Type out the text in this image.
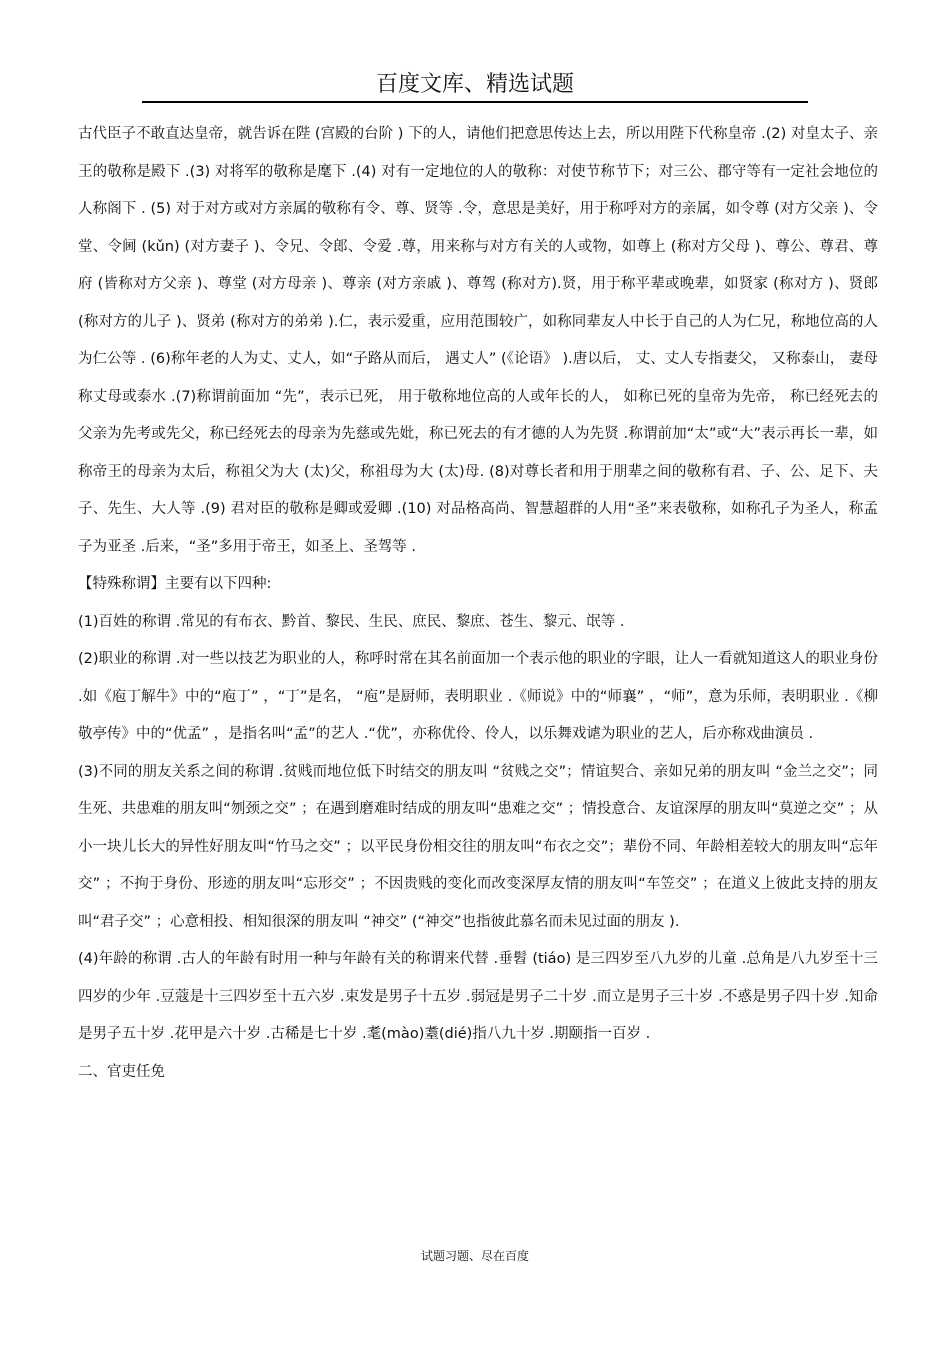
百度文库、精选试题

古代臣子不敢直达皇帝，就告诉在陛 (宫殿的台阶 ) 下的人，请他们把意思传达上去，所以用陛下代称皇帝 .(2) 对皇太子、亲王的敬称是殿下 .(3) 对将军的敬称是麾下 .(4) 对有一定地位的人的敬称：对使节称节下；对三公、郡守等有一定社会地位的人称阁下 . (5) 对于对方或对方亲属的敬称有令、尊、贤等 .令，意思是美好，用于称呼对方的亲属，如令尊 (对方父亲 )、令堂、令阃 (kǔn) (对方妻子 )、令兄、令郎、令爱 .尊，用来称与对方有关的人或物，如尊上 (称对方父母 )、尊公、尊君、尊府 (皆称对方父亲 )、尊堂 (对方母亲 )、尊亲 (对方亲戚 )、尊驾 (称对方).贤，用于称平辈或晚辈，如贤家 (称对方 )、贤郎 (称对方的儿子 )、贤弟 (称对方的弟弟 ).仁，表示爱重，应用范围较广，如称同辈友人中长于自己的人为仁兄，称地位高的人为仁公等 . (6)称年老的人为丈、丈人，如“子路从而后， 遇丈人” (《论语》 ).唐以后， 丈、丈人专指妻父， 又称泰山， 妻母称丈母或泰水 .(7)称谓前面加 “先”，表示已死， 用于敬称地位高的人或年长的人， 如称已死的皇帝为先帝， 称已经死去的父亲为先考或先父，称已经死去的母亲为先慈或先妣，称已死去的有才德的人为先贤 .称谓前加“太”或“大”表示再长一辈，如称帝王的母亲为太后，称祖父为大 (太)父，称祖母为大 (太)母. (8)对尊长者和用于朋辈之间的敬称有君、子、公、足下、夫子、先生、大人等 .(9) 君对臣的敬称是卿或爱卿 .(10) 对品格高尚、智慧超群的人用“圣”来表敬称，如称孔子为圣人，称孟子为亚圣 .后来，“圣”多用于帝王，如圣上、圣驾等 .

【特殊称谓】主要有以下四种:

(1)百姓的称谓 .常见的有布衣、黔首、黎民、生民、庶民、黎庶、苍生、黎元、氓等 .

(2)职业的称谓 .对一些以技艺为职业的人，称呼时常在其名前面加一个表示他的职业的字眼，让人一看就知道这人的职业身份 .如《庖丁解牛》中的“庖丁” ，“丁”是名， “庖”是厨师，表明职业 .《师说》中的“师襄” ，“师”，意为乐师，表明职业 .《柳敬亭传》中的“优孟” ，是指名叫“孟”的艺人 .“优”，亦称优伶、伶人，以乐舞戏谑为职业的艺人，后亦称戏曲演员 .

(3)不同的朋友关系之间的称谓 .贫贱而地位低下时结交的朋友叫 “贫贱之交”；情谊契合、亲如兄弟的朋友叫 “金兰之交”；同生死、共患难的朋友叫“刎颈之交” ；在遇到磨难时结成的朋友叫“患难之交” ；情投意合、友谊深厚的朋友叫“莫逆之交” ；从小一块儿长大的异性好朋友叫“竹马之交” ；以平民身份相交往的朋友叫“布衣之交”；辈份不同、年龄相差较大的朋友叫“忘年交” ；不拘于身份、形迹的朋友叫“忘形交” ；不因贵贱的变化而改变深厚友情的朋友叫“车笠交” ；在道义上彼此支持的朋友叫“君子交” ；心意相投、相知很深的朋友叫 “神交” (“神交”也指彼此慕名而未见过面的朋友 ).

(4)年龄的称谓 .古人的年龄有时用一种与年龄有关的称谓来代替 .垂髫 (tiáo) 是三四岁至八九岁的儿童 .总角是八九岁至十三四岁的少年 .豆蔻是十三四岁至十五六岁 .束发是男子十五岁 .弱冠是男子二十岁 .而立是男子三十岁 .不惑是男子四十岁 .知命是男子五十岁 .花甲是六十岁 .古稀是七十岁 .耄(mào)耋(dié)指八九十岁 .期颐指一百岁 .

二、官吏任免

试题习题、尽在百度
